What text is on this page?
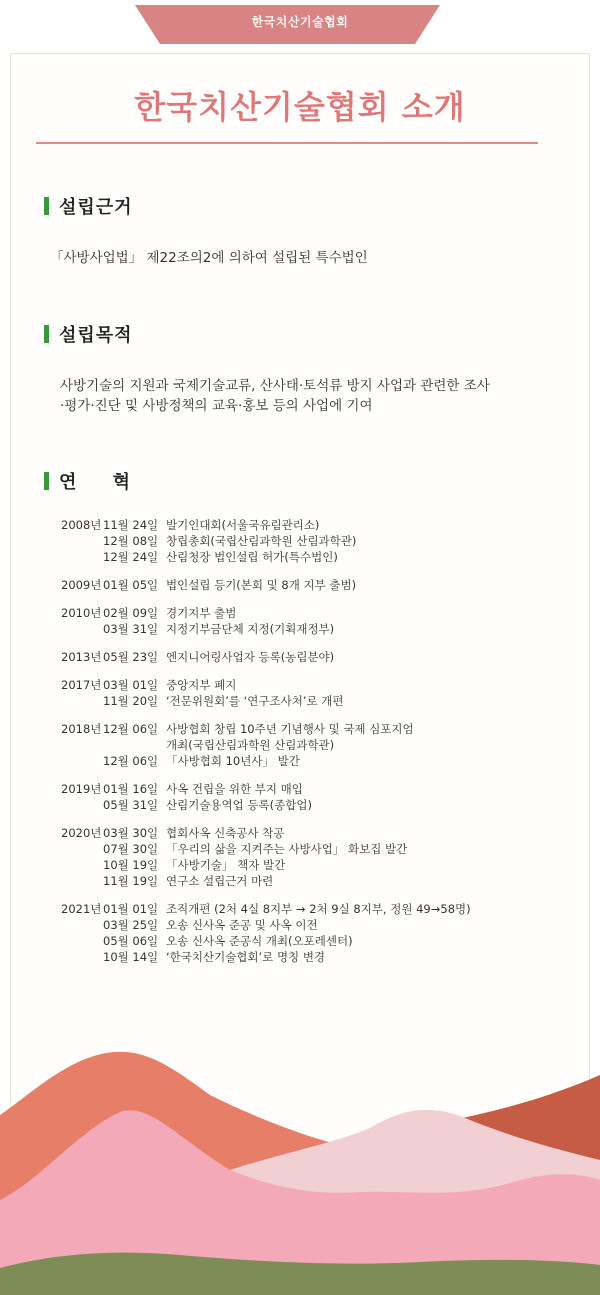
한국치산기술협회
한국치산기술협회 소개
설립근거
「사방사업법」 제22조의2에 의하여 설립된 특수법인
설립목적
사방기술의 지원과 국제기술교류, 산사태·토석류 방지 사업과 관련한 조사
·평가·진단 및 사방정책의 교육·홍보 등의 사업에 기여
연 혁
2008년 11월 24일 발기인대회(서울국유림관리소)
12월 08일 창립총회(국립산림과학원 산림과학관)
12월 24일 산림청장 법인설립 허가(특수법인)
2009년 01월 05일 법인설립 등기(본회 및 8개 지부 출범)
2010년 02월 09일 경기지부 출범
03월 31일 지정기부금단체 지정(기획재정부)
2013년 05월 23일 엔지니어링사업자 등록(농림분야)
2017년 03월 01일 중앙지부 폐지
11월 20일 ‘전문위원회’를 ‘연구조사처’로 개편
2018년 12월 06일 사방협회 창립 10주년 기념행사 및 국제 심포지엄
개최(국립산림과학원 산림과학관)
12월 06일 「사방협회 10년사」 발간
2019년 01월 16일 사옥 건립을 위한 부지 매입
05월 31일 산림기술용역업 등록(종합업)
2020년 03월 30일 협회사옥 신축공사 착공
07월 30일 「우리의 삶을 지켜주는 사방사업」 화보집 발간
10월 19일 「사방기술」 책자 발간
11월 19일 연구소 설립근거 마련
2021년 01월 01일 조직개편 (2처 4실 8지부 → 2처 9실 8지부, 정원 49→58명)
03월 25일 오송 신사옥 준공 및 사옥 이전
05월 06일 오송 신사옥 준공식 개최(오포레센터)
10월 14일 ‘한국치산기술협회’로 명칭 변경
